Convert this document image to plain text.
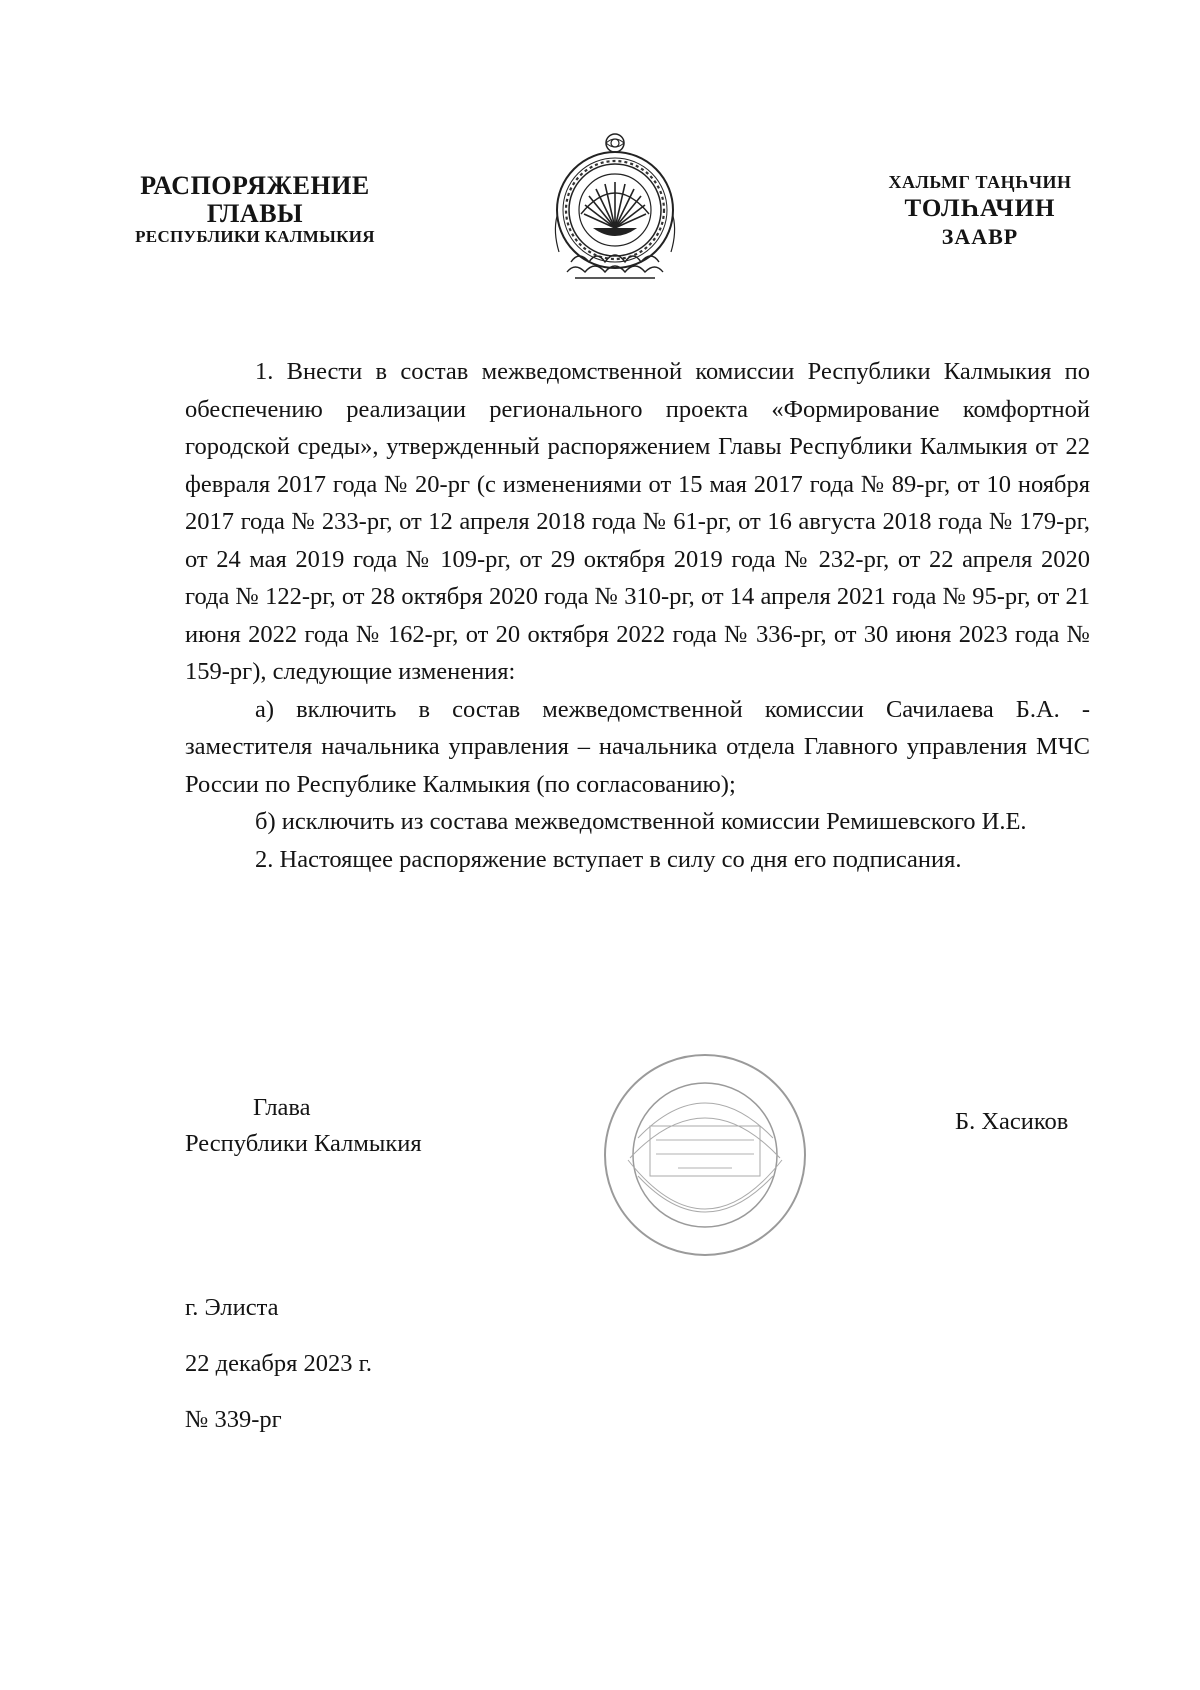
РАСПОРЯЖЕНИЕ
ГЛАВЫ
РЕСПУБЛИКИ КАЛМЫКИЯ
ХАЛЬМГ ТАҢҺЧИН
ТОЛҺАЧИН
ЗААВР

1. Внести в состав межведомственной комиссии Республики Калмыкия по обеспечению реализации регионального проекта «Формирование комфортной городской среды», утвержденный распоряжением Главы Республики Калмыкия от 22 февраля 2017 года № 20-рг (с изменениями от 15 мая 2017 года № 89-рг, от 10 ноября 2017 года № 233-рг, от 12 апреля 2018 года № 61-рг, от 16 августа 2018 года № 179-рг, от 24 мая 2019 года № 109-рг, от 29 октября 2019 года № 232-рг, от 22 апреля 2020 года № 122-рг, от 28 октября 2020 года № 310-рг, от 14 апреля 2021 года № 95-рг, от 21 июня 2022 года № 162-рг, от 20 октября 2022 года № 336-рг, от 30 июня 2023 года № 159-рг), следующие изменения:

а) включить в состав межведомственной комиссии Сачилаева Б.А. - заместителя начальника управления – начальника отдела Главного управления МЧС России по Республике Калмыкия (по согласованию);

б) исключить из состава межведомственной комиссии Ремишевского И.Е.

2. Настоящее распоряжение вступает в силу со дня его подписания.

Глава
Республики Калмыкия
Б. Хасиков
г. Элиста
22 декабря 2023 г.
№ 339-рг
